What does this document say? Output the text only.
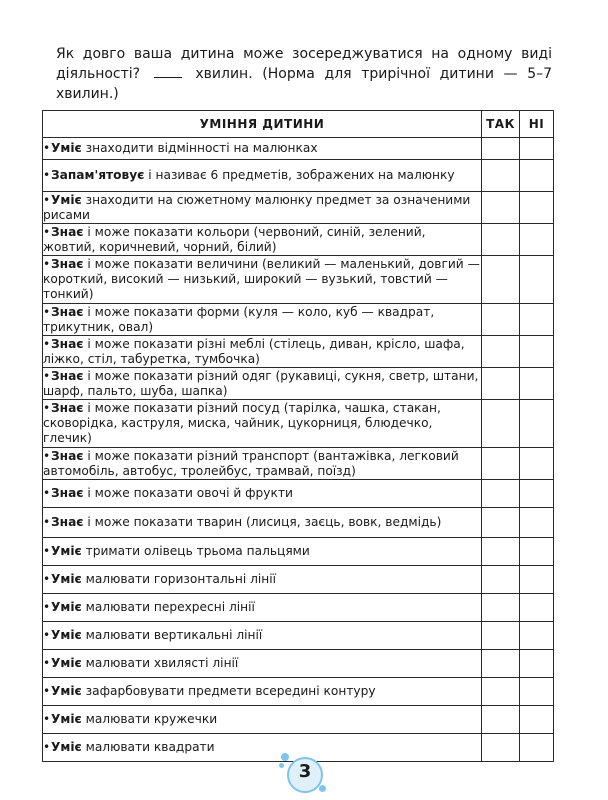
Як довго ваша дитина може зосереджуватися на одному виді діяльності?	хвилин. (Норма для трирічної дитини — 5–7 хвилин.)
УМІННЯ ДИТИНИ	ТАК	НІ
•Уміє знаходити відмінності на малюнках		
•Запам'ятовує і називає 6 предметів, зображених на малюнку		
•Уміє знаходити на сюжетному малюнку предмет за означеними рисами		
•Знає і може показати кольори (червоний, синій, зелений, жовтий, коричневий, чорний, білий)		
•Знає і може показати величини (великий — маленький, довгий — короткий, високий — низький, широкий — вузький, товстий — тонкий)		
•Знає і може показати форми (куля — коло, куб — квадрат, трикутник, овал)		
•Знає і може показати різні меблі (стілець, диван, крісло, шафа, ліжко, стіл, табуретка, тумбочка)		
•Знає і може показати різний одяг (рукавиці, сукня, светр, штани, шарф, пальто, шуба, шапка)		
•Знає і може показати різний посуд (тарілка, чашка, стакан, сковорідка, каструля, миска, чайник, цукорниця, блюдечко, глечик)		
•Знає і може показати різний транспорт (вантажівка, легковий автомобіль, автобус, тролейбус, трамвай, поїзд)		
•Знає і може показати овочі й фрукти		
•Знає і може показати тварин (лисиця, заєць, вовк, ведмідь)		
•Уміє тримати олівець трьома пальцями		
•Уміє малювати горизонтальні лінії		
•Уміє малювати перехресні лінії		
•Уміє малювати вертикальні лінії		
•Уміє малювати хвилясті лінії		
•Уміє зафарбовувати предмети всередині контуру		
•Уміє малювати кружечки		
•Уміє малювати квадрати		
3
